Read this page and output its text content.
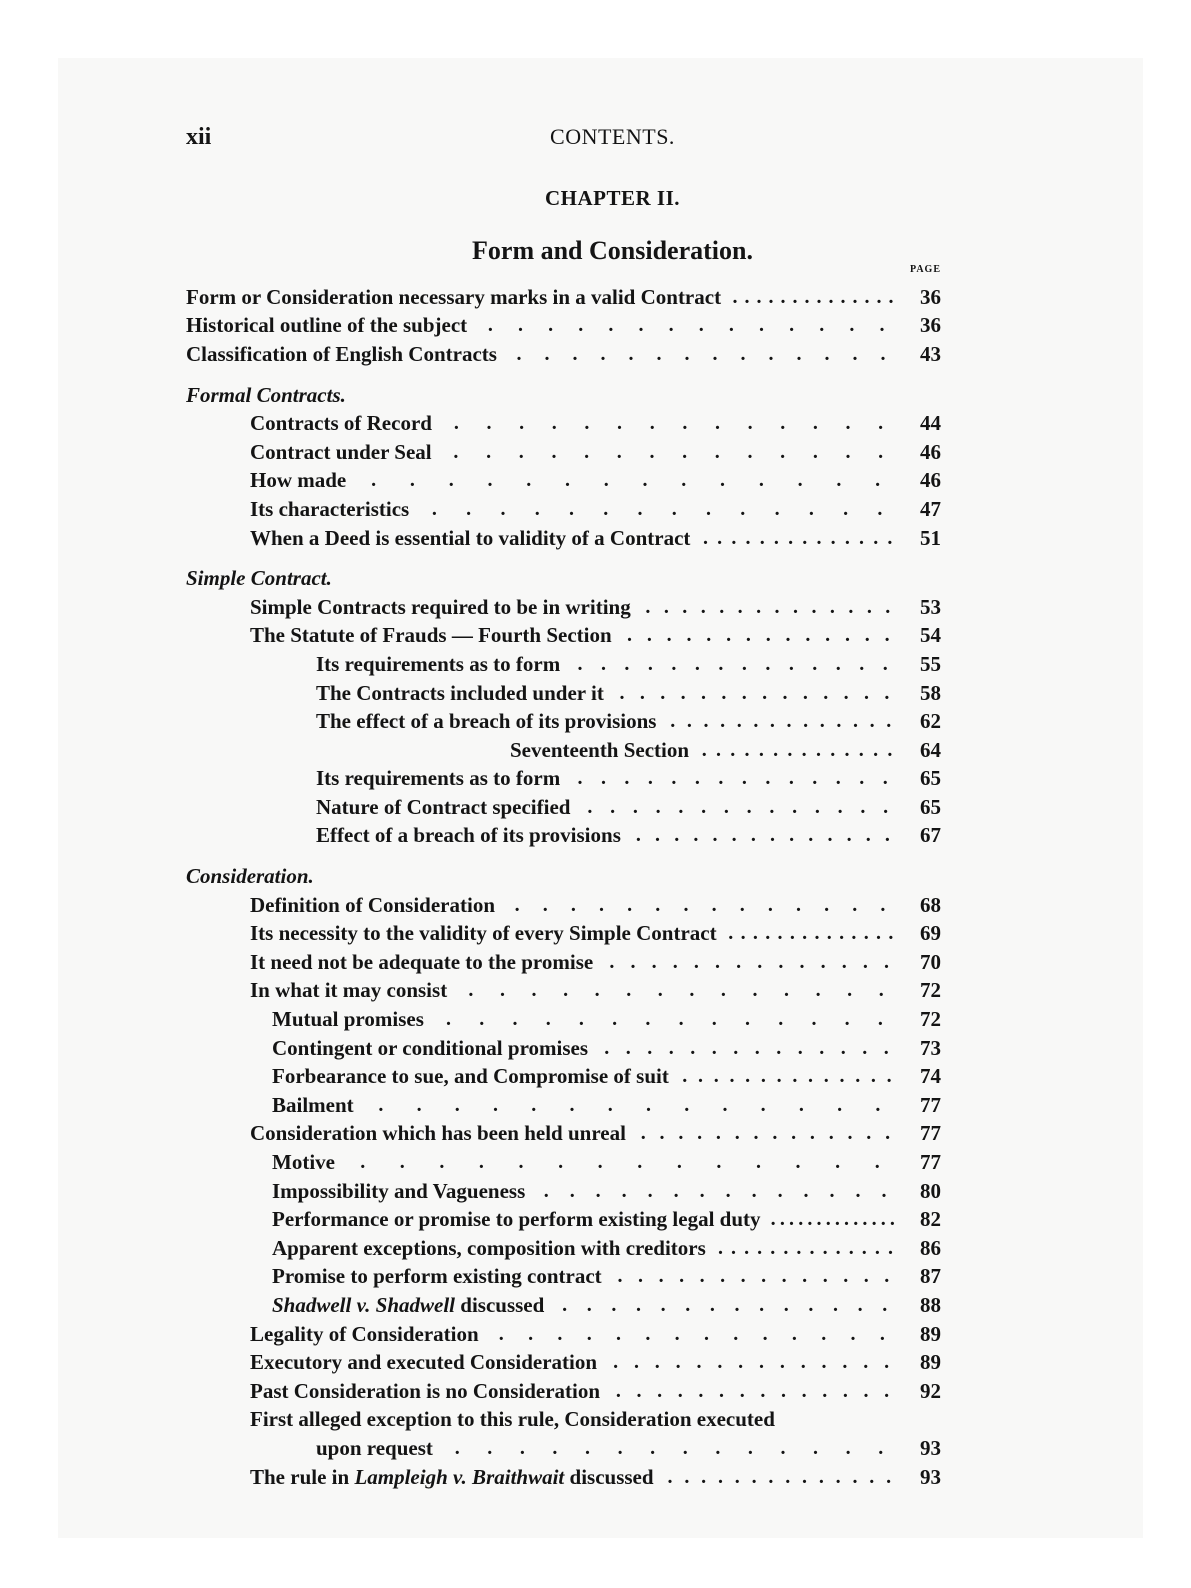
xii	CONTENTS.
CHAPTER II.
Form and Consideration.
PAGE
Form or Consideration necessary marks in a valid Contract . . . . . . . . . . . . . .	36
Historical outline of the subject	.	.	.	.	.	.	.	.	.	.	.	.	.	.	36
Classification of English Contracts .	.	.	.	.	.	.	.	.	.	.	.	.	.	43
Formal Contracts.
Contracts of Record	.	.	.	.	.	.	.	.	.	.	.	.	.	.	44
Contract under Seal	.	.	.	.	.	.	.	.	.	.	.	.	.	.	46
How made	.	.	.	.	.	.	.	.	.	.	.	.	.	.	46
Its characteristics	.	.	.	.	.	.	.	.	.	.	.	.	.	.	47
When a Deed is essential to validity of a Contract . . . . . . . . . . . . . .	51
Simple Contract.
Simple Contracts required to be in writing . . . . . . . . . . . . . .	53
The Statute of Frauds — Fourth Section . . . . . . . . . . . . . .	54
Its requirements as to form . . . . . . . . . . . . . .	55
The Contracts included under it . . . . . . . . . . . . . .	58
The effect of a breach of its provisions . . . . . . . . . . . . . .	62
Seventeenth Section . . . . . . . . . . . . . .	64
Its requirements as to form . . . . . . . . . . . . . .	65
Nature of Contract specified . . . . . . . . . . . . . .	65
Effect of a breach of its provisions . . . . . . . . . . . . . .	67
Consideration.
Definition of Consideration .	.	.	.	.	.	.	.	.	.	.	.	.	.	68
Its necessity to the validity of every Simple Contract . . . . . . . . . . . . . .	69
It need not be adequate to the promise . . . . . . . . . . . . . .	70
In what it may consist	.	.	.	.	.	.	.	.	.	.	.	.	.	.	72
Mutual promises	.	.	.	.	.	.	.	.	.	.	.	.	.	.	72
Contingent or conditional promises . . . . . . . . . . . . . .	73
Forbearance to sue, and Compromise of suit . . . . . . . . . . . . . .	74
Bailment	.	.	.	.	.	.	.	.	.	.	.	.	.	.	77
Consideration which has been held unreal . . . . . . . . . . . . . .	77
Motive	.	.	.	.	.	.	.	.	.	.	.	.	.	.	77
Impossibility and Vagueness .	.	.	.	.	.	.	.	.	.	.	.	.	.	80
Performance or promise to perform existing legal duty . . . . . . . . . . . . . .	82
Apparent exceptions, composition with creditors . . . . . . . . . . . . . .	86
Promise to perform existing contract . . . . . . . . . . . . . .	87
Shadwell v. Shadwell discussed . . . . . . . . . . . . . .	88
Legality of Consideration	.	.	.	.	.	.	.	.	.	.	.	.	.	.	89
Executory and executed Consideration . . . . . . . . . . . . . .	89
Past Consideration is no Consideration . . . . . . . . . . . . . .	92
First alleged exception to this rule, Consideration executed
upon request	.	.	.	.	.	.	.	.	.	.	.	.	.	.	93
The rule in Lampleigh v. Braithwait discussed . . . . . . . . . . . . . .	93
